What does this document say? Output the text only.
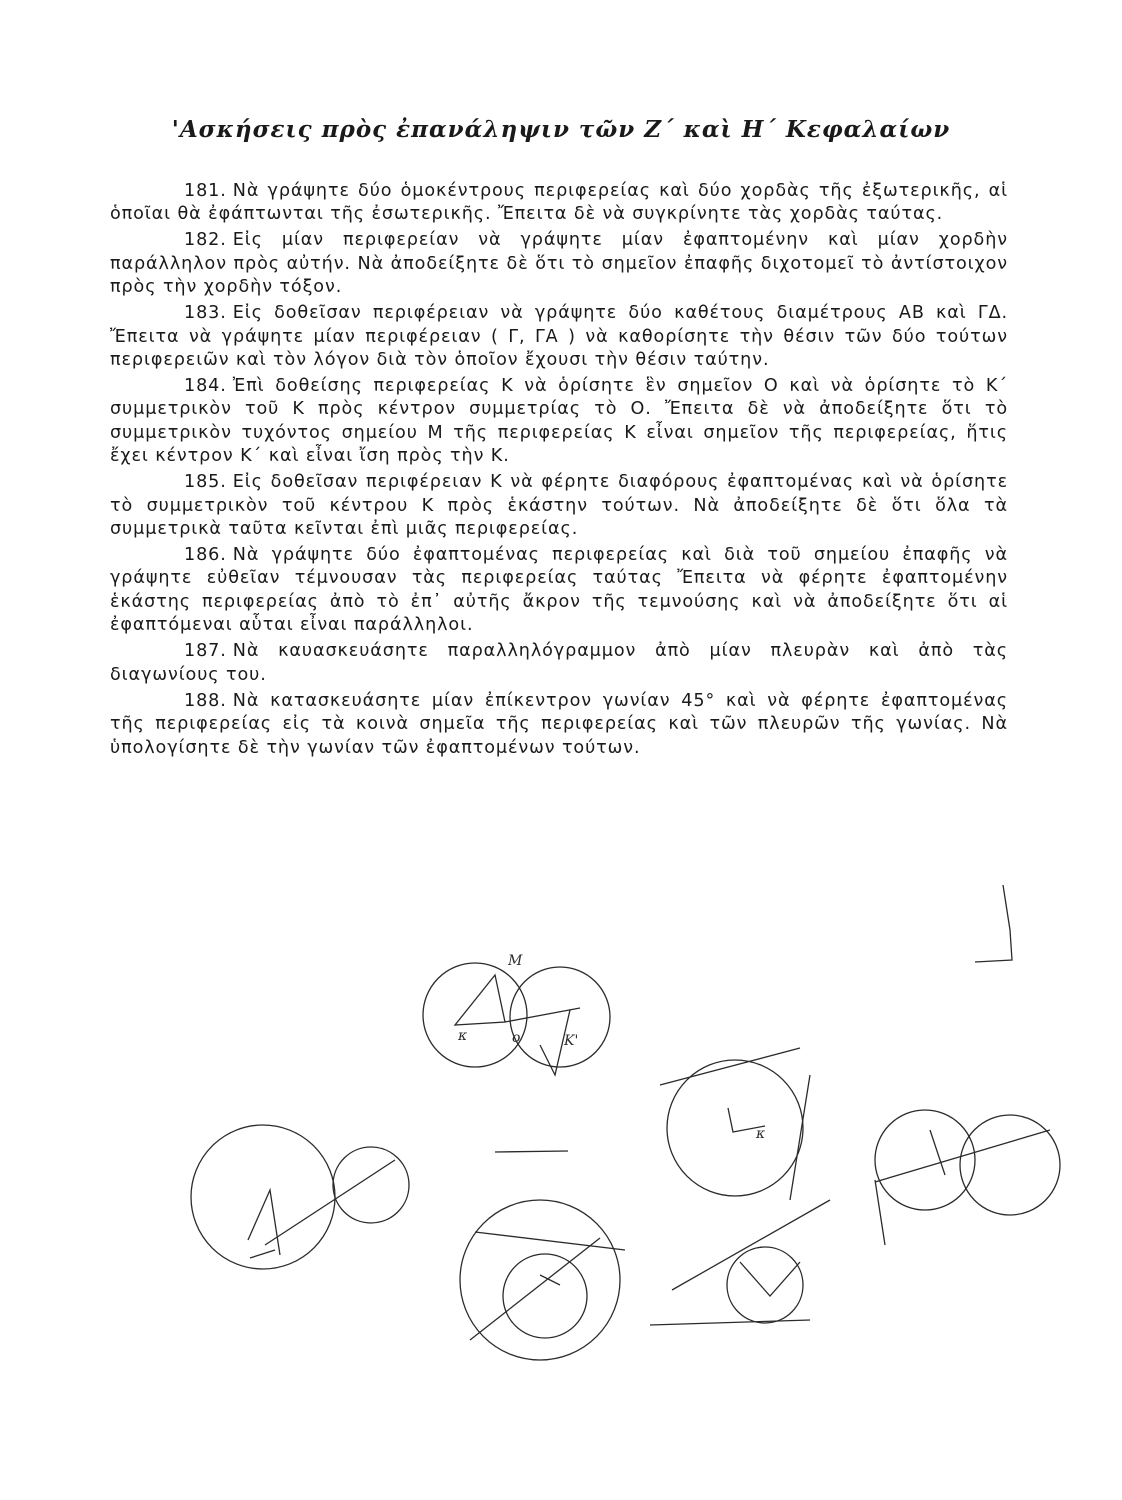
'Ασκήσεις πρὸς ἐπανάληψιν τῶν Ζ΄ καὶ Η΄ Κεφαλαίων

181. Νὰ γράψητε δύο ὁμοκέντρους περιφερείας καὶ δύο χορδὰς τῆς ἐξωτερικῆς, αἱ ὁποῖαι θὰ ἐφάπτωνται τῆς ἐσωτερικῆς. Ἔπειτα δὲ νὰ συγκρίνητε τὰς χορδὰς ταύτας.

182. Εἰς μίαν περιφερείαν νὰ γράψητε μίαν ἐφαπτομένην καὶ μίαν χορδὴν παράλληλον πρὸς αὐτήν. Νὰ ἀποδείξητε δὲ ὅτι τὸ σημεῖον ἐπαφῆς διχοτομεῖ τὸ ἀντίστοιχον πρὸς τὴν χορδὴν τόξον.

183. Εἰς δοθεῖσαν περιφέρειαν νὰ γράψητε δύο καθέτους διαμέτρους ΑΒ καὶ ΓΔ. Ἔπειτα νὰ γράψητε μίαν περιφέρειαν ( Γ, ΓΑ ) νὰ καθορίσητε τὴν θέσιν τῶν δύο τούτων περιφερειῶν καὶ τὸν λόγον διὰ τὸν ὁποῖον ἔχουσι τὴν θέσιν ταύτην.

184. Ἐπὶ δοθείσης περιφερείας Κ νὰ ὁρίσητε ἓν σημεῖον Ο καὶ νὰ ὁρίσητε τὸ Κ΄ συμμετρικὸν τοῦ Κ πρὸς κέντρον συμμετρίας τὸ Ο. Ἔπειτα δὲ νὰ ἀποδείξητε ὅτι τὸ συμμετρικὸν τυχόντος σημείου Μ τῆς περιφερείας Κ εἶναι σημεῖον τῆς περιφερείας, ἥτις ἔχει κέντρον Κ΄ καὶ εἶναι ἴση πρὸς τὴν Κ.

185. Εἰς δοθεῖσαν περιφέρειαν Κ νὰ φέρητε διαφόρους ἐφαπτομένας καὶ νὰ ὁρίσητε τὸ συμμετρικὸν τοῦ κέντρου Κ πρὸς ἑκάστην τούτων. Νὰ ἀποδείξητε δὲ ὅτι ὅλα τὰ συμμετρικὰ ταῦτα κεῖνται ἐπὶ μιᾶς περιφερείας.

186. Νὰ γράψητε δύο ἐφαπτομένας περιφερείας καὶ διὰ τοῦ σημείου ἐπαφῆς νὰ γράψητε εὐθεῖαν τέμνουσαν τὰς περιφερείας ταύτας Ἔπειτα νὰ φέρητε ἐφαπτομένην ἑκάστης περιφερείας ἀπὸ τὸ ἐπ᾽ αὐτῆς ἄκρον τῆς τεμνούσης καὶ νὰ ἀποδείξητε ὅτι αἱ ἐφαπτόμεναι αὗται εἶναι παράλληλοι.

187. Νὰ καυασκευάσητε παραλληλόγραμμον ἀπὸ μίαν πλευρὰν καὶ ἀπὸ τὰς διαγωνίους του.

188. Νὰ κατασκευάσητε μίαν ἐπίκεντρον γωνίαν 45° καὶ νὰ φέρητε ἐφαπτομένας τῆς περιφερείας εἰς τὰ κοινὰ σημεῖα τῆς περιφερείας καὶ τῶν πλευρῶν τῆς γωνίας. Νὰ ὑπολογίσητε δὲ τὴν γωνίαν τῶν ἐφαπτομένων τούτων.

M
κ	o	K'
κ
